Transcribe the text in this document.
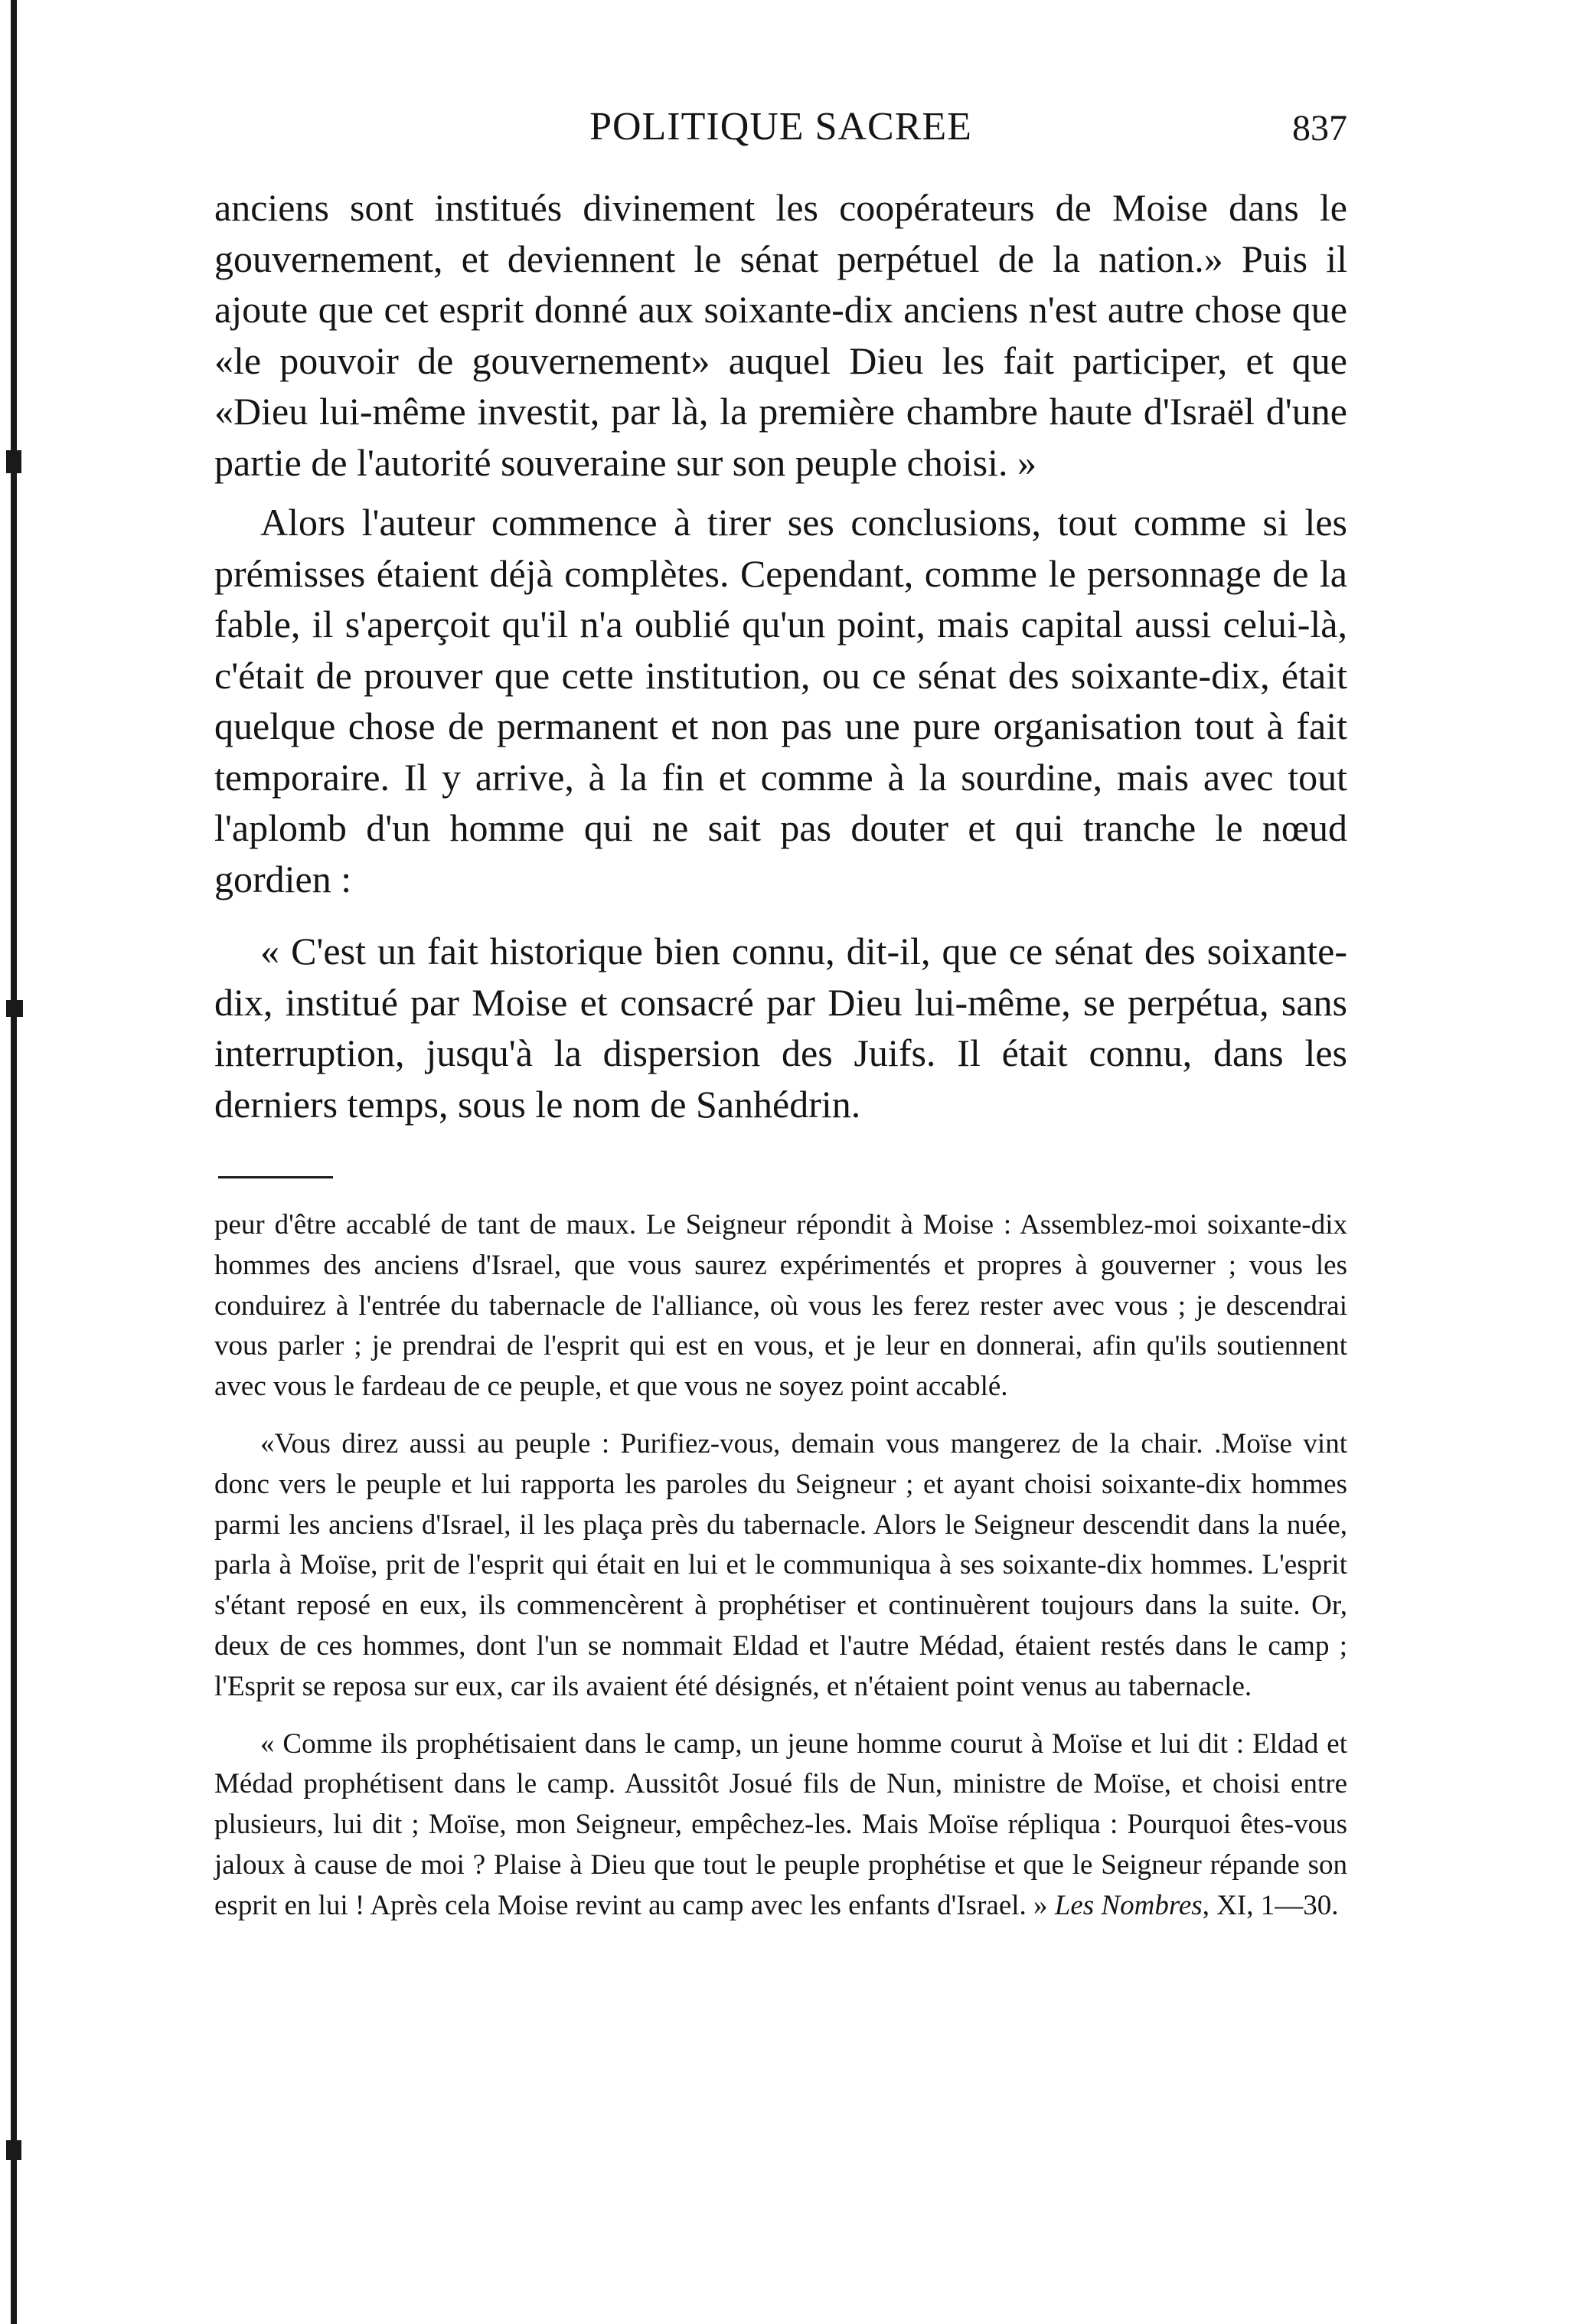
POLITIQUE SACREE	837

anciens sont institués divinement les coopérateurs de Moise dans le gouvernement, et deviennent le sénat perpétuel de la nation.» Puis il ajoute que cet esprit donné aux soixante-dix anciens n'est autre chose que «le pouvoir de gouvernement» auquel Dieu les fait participer, et que «Dieu lui-même investit, par là, la première chambre haute d'Israël d'une partie de l'autorité souveraine sur son peuple choisi. »

Alors l'auteur commence à tirer ses conclusions, tout comme si les prémisses étaient déjà complètes. Cependant, comme le personnage de la fable, il s'aperçoit qu'il n'a oublié qu'un point, mais capital aussi celui-là, c'était de prouver que cette institution, ou ce sénat des soixante-dix, était quelque chose de permanent et non pas une pure organisation tout à fait temporaire. Il y arrive, à la fin et comme à la sourdine, mais avec tout l'aplomb d'un homme qui ne sait pas douter et qui tranche le nœud gordien :

« C'est un fait historique bien connu, dit-il, que ce sénat des soixante-dix, institué par Moise et consacré par Dieu lui-même, se perpétua, sans interruption, jusqu'à la dispersion des Juifs. Il était connu, dans les derniers temps, sous le nom de Sanhédrin.

peur d'être accablé de tant de maux. Le Seigneur répondit à Moise : Assemblez-moi soixante-dix hommes des anciens d'Israel, que vous saurez expérimentés et propres à gouverner ; vous les conduirez à l'entrée du tabernacle de l'alliance, où vous les ferez rester avec vous ; je descendrai vous parler ; je prendrai de l'esprit qui est en vous, et je leur en donnerai, afin qu'ils soutiennent avec vous le fardeau de ce peuple, et que vous ne soyez point accablé.

«Vous direz aussi au peuple : Purifiez-vous, demain vous mangerez de la chair. .Moïse vint donc vers le peuple et lui rapporta les paroles du Seigneur ; et ayant choisi soixante-dix hommes parmi les anciens d'Israel, il les plaça près du tabernacle. Alors le Seigneur descendit dans la nuée, parla à Moïse, prit de l'esprit qui était en lui et le communiqua à ses soixante-dix hommes. L'esprit s'étant reposé en eux, ils commencèrent à prophétiser et continuèrent toujours dans la suite. Or, deux de ces hommes, dont l'un se nommait Eldad et l'autre Médad, étaient restés dans le camp ; l'Esprit se reposa sur eux, car ils avaient été désignés, et n'étaient point venus au tabernacle.

« Comme ils prophétisaient dans le camp, un jeune homme courut à Moïse et lui dit : Eldad et Médad prophétisent dans le camp. Aussitôt Josué fils de Nun, ministre de Moïse, et choisi entre plusieurs, lui dit ; Moïse, mon Seigneur, empêchez-les. Mais Moïse répliqua : Pourquoi êtes-vous jaloux à cause de moi ? Plaise à Dieu que tout le peuple prophétise et que le Seigneur répande son esprit en lui ! Après cela Moise revint au camp avec les enfants d'Israel. » Les Nombres, XI, 1—30.
